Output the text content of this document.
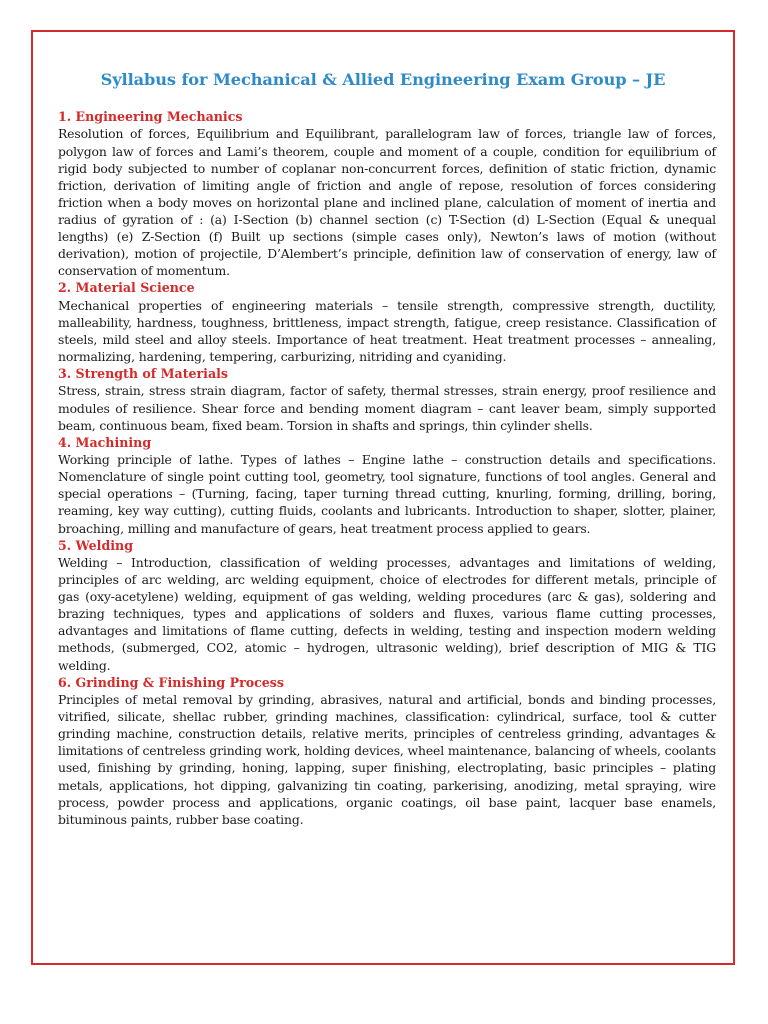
Syllabus for Mechanical & Allied Engineering Exam Group – JE

1. Engineering Mechanics

Resolution of forces, Equilibrium and Equilibrant, parallelogram law of forces, triangle law of forces, polygon law of forces and Lami’s theorem, couple and moment of a couple, condition for equilibrium of rigid body subjected to number of coplanar non-concurrent forces, definition of static friction, dynamic friction, derivation of limiting angle of friction and angle of repose, resolution of forces considering friction when a body moves on horizontal plane and inclined plane, calculation of moment of inertia and radius of gyration of : (a) I-Section (b) channel section (c) T-Section (d) L-Section (Equal & unequal lengths) (e) Z-Section (f) Built up sections (simple cases only), Newton’s laws of motion (without derivation), motion of projectile, D’Alembert’s principle, definition law of conservation of energy, law of conservation of momentum.

2. Material Science

Mechanical properties of engineering materials – tensile strength, compressive strength, ductility, malleability, hardness, toughness, brittleness, impact strength, fatigue, creep resistance. Classification of steels, mild steel and alloy steels. Importance of heat treatment. Heat treatment processes – annealing, normalizing, hardening, tempering, carburizing, nitriding and cyaniding.

3. Strength of Materials

Stress, strain, stress strain diagram, factor of safety, thermal stresses, strain energy, proof resilience and modules of resilience. Shear force and bending moment diagram – cant leaver beam, simply supported beam, continuous beam, fixed beam. Torsion in shafts and springs, thin cylinder shells.

4. Machining

Working principle of lathe. Types of lathes – Engine lathe – construction details and specifications. Nomenclature of single point cutting tool, geometry, tool signature, functions of tool angles. General and special operations – (Turning, facing, taper turning thread cutting, knurling, forming, drilling, boring, reaming, key way cutting), cutting fluids, coolants and lubricants. Introduction to shaper, slotter, plainer, broaching, milling and manufacture of gears, heat treatment process applied to gears.

5. Welding

Welding – Introduction, classification of welding processes, advantages and limitations of welding, principles of arc welding, arc welding equipment, choice of electrodes for different metals, principle of gas (oxy-acetylene) welding, equipment of gas welding, welding procedures (arc & gas), soldering and brazing techniques, types and applications of solders and fluxes, various flame cutting processes, advantages and limitations of flame cutting, defects in welding, testing and inspection modern welding methods, (submerged, CO2, atomic – hydrogen, ultrasonic welding), brief description of MIG & TIG welding.

6. Grinding & Finishing Process

Principles of metal removal by grinding, abrasives, natural and artificial, bonds and binding processes, vitrified, silicate, shellac rubber, grinding machines, classification: cylindrical, surface, tool & cutter grinding machine, construction details, relative merits, principles of centreless grinding, advantages & limitations of centreless grinding work, holding devices, wheel maintenance, balancing of wheels, coolants used, finishing by grinding, honing, lapping, super finishing, electroplating, basic principles – plating metals, applications, hot dipping, galvanizing tin coating, parkerising, anodizing, metal spraying, wire process, powder process and applications, organic coatings, oil base paint, lacquer base enamels, bituminous paints, rubber base coating.
